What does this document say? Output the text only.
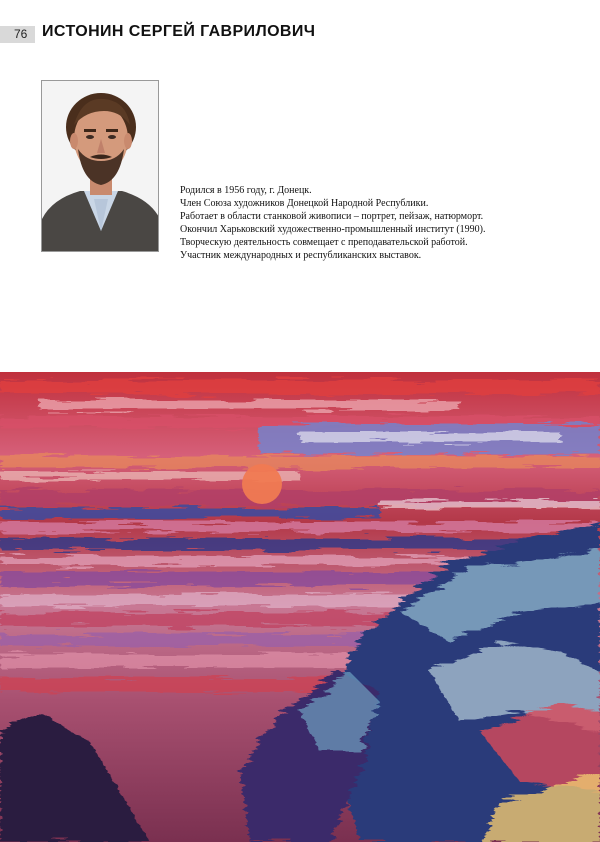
76 ИСТОНИН СЕРГЕЙ ГАВРИЛОВИЧ

Родился в 1956 году, г. Донецк.

Член Союза художников Донецкой Народной Республики.

Работает в области станковой живописи – портрет, пейзаж, натюрморт.

Окончил Харьковский художественно-промышленный институт (1990).

Творческую деятельность совмещает с преподавательской работой.

Участник международных и республиканских выставок.
